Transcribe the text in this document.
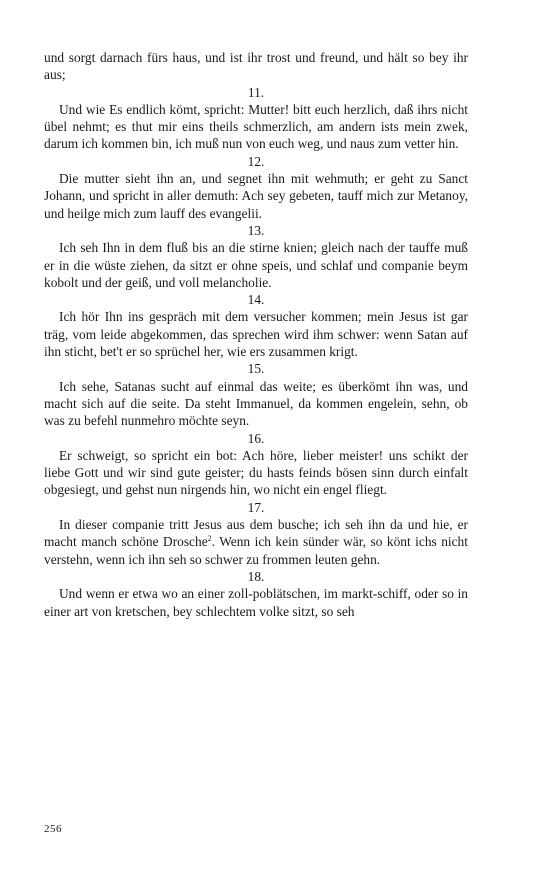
und sorgt darnach fürs haus, und ist ihr trost und freund, und hält so bey ihr aus;

11.

Und wie Es endlich kömt, spricht: Mutter! bitt euch herzlich, daß ihrs nicht übel nehmt; es thut mir eins theils schmerzlich, am andern ists mein zwek, darum ich kommen bin, ich muß nun von euch weg, und naus zum vetter hin.

12.

Die mutter sieht ihn an, und segnet ihn mit wehmuth; er geht zu Sanct Johann, und spricht in aller demuth: Ach sey gebeten, tauff mich zur Metanoy, und heilge mich zum lauff des evangelii.

13.

Ich seh Ihn in dem fluß bis an die stirne knien; gleich nach der tauffe muß er in die wüste ziehen, da sitzt er ohne speis, und schlaf und companie beym kobolt und der geiß, und voll melancholie.

14.

Ich hör Ihn ins gespräch mit dem versucher kommen; mein Jesus ist gar träg, vom leide abgekommen, das sprechen wird ihm schwer: wenn Satan auf ihn sticht, bet't er so sprüchel her, wie ers zusammen krigt.

15.

Ich sehe, Satanas sucht auf einmal das weite; es überkömt ihn was, und macht sich auf die seite. Da steht Immanuel, da kommen engelein, sehn, ob was zu befehl nunmehro möchte seyn.

16.

Er schweigt, so spricht ein bot: Ach höre, lieber meister! uns schikt der liebe Gott und wir sind gute geister; du hasts feinds bösen sinn durch einfalt obgesiegt, und gehst nun nirgends hin, wo nicht ein engel fliegt.

17.

In dieser companie tritt Jesus aus dem busche; ich seh ihn da und hie, er macht manch schöne Drosche$^2$. Wenn ich kein sünder wär, so könt ichs nicht verstehn, wenn ich ihn seh so schwer zu frommen leuten gehn.

18.

Und wenn er etwa wo an einer zoll-poblätschen, im markt-schiff, oder so in einer art von kretschen, bey schlechtem volke sitzt, so seh

256
